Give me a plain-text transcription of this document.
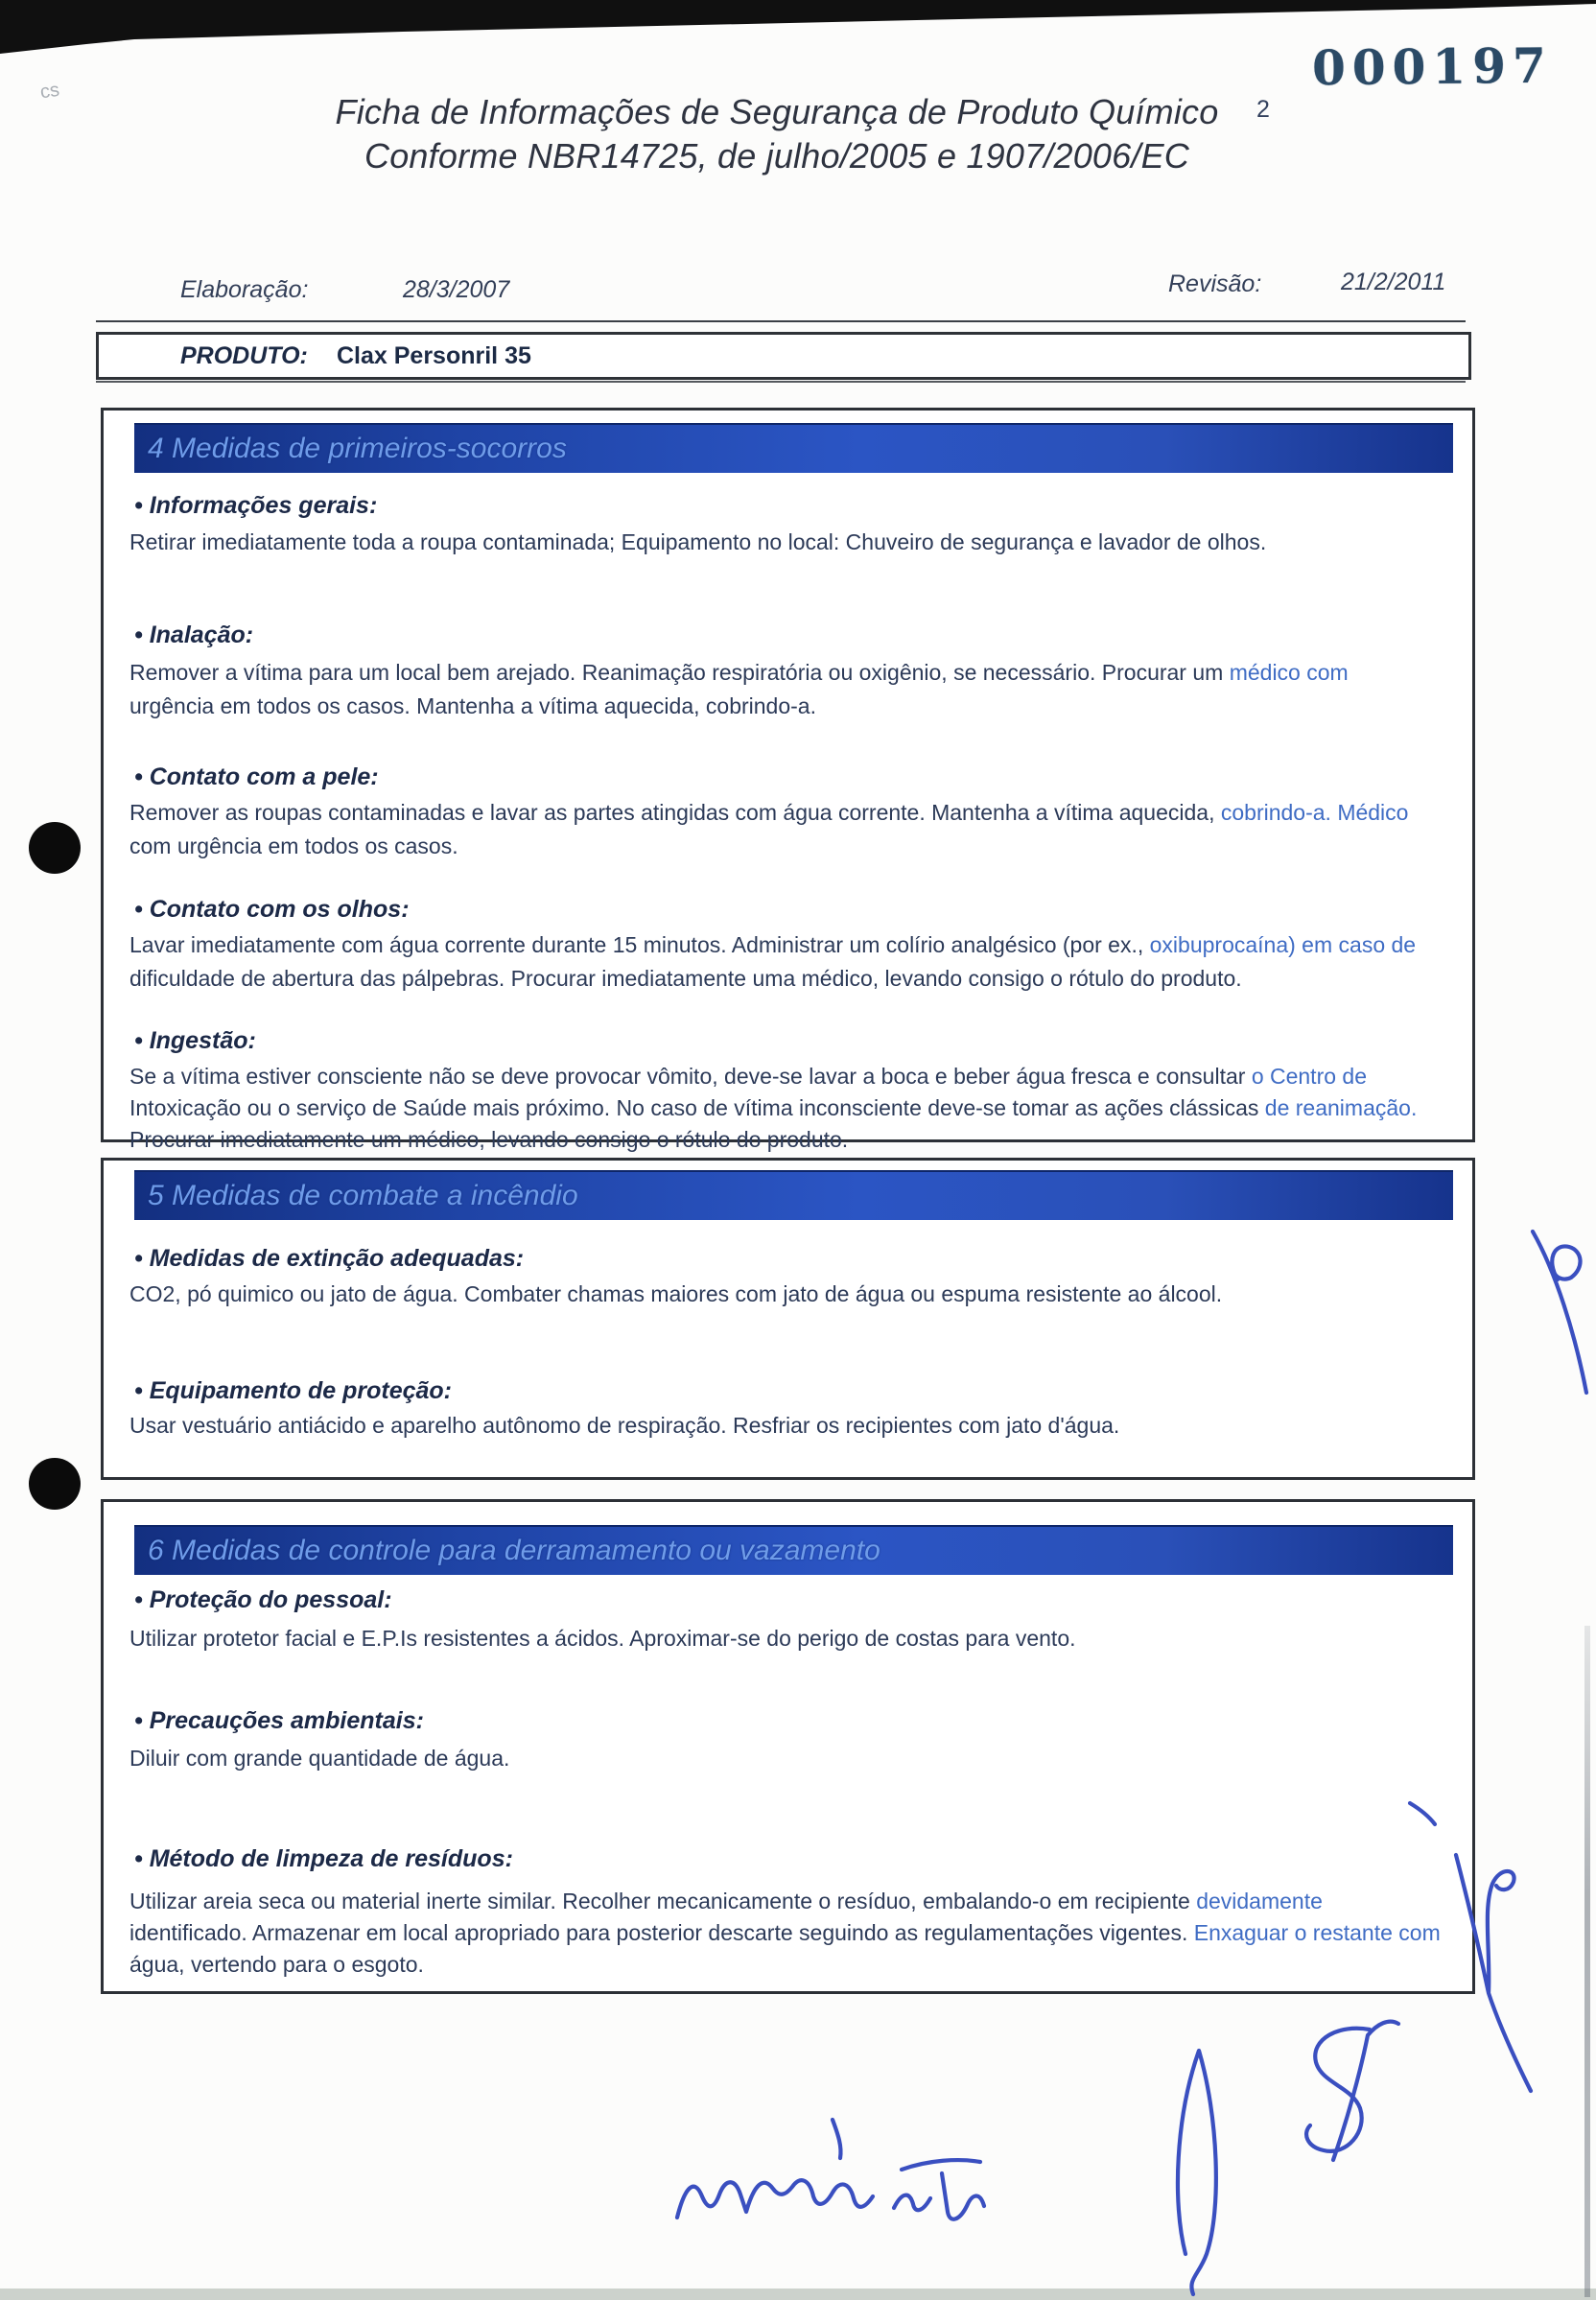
cs	000197
2
Ficha de Informações de Segurança de Produto Químico
Conforme NBR14725, de julho/2005 e 1907/2006/EC
Elaboração:	28/3/2007	Revisão:	21/2/2011
PRODUTO: Clax Personril 35
4 Medidas de primeiros-socorros
• Informações gerais:
Retirar imediatamente toda a roupa contaminada; Equipamento no local: Chuveiro de segurança e lavador de olhos.
• Inalação:
Remover a vítima para um local bem arejado. Reanimação respiratória ou oxigênio, se necessário. Procurar um médico com
urgência em todos os casos. Mantenha a vítima aquecida, cobrindo-a.
• Contato com a pele:
Remover as roupas contaminadas e lavar as partes atingidas com água corrente. Mantenha a vítima aquecida, cobrindo-a. Médico
com urgência em todos os casos.
• Contato com os olhos:
Lavar imediatamente com água corrente durante 15 minutos. Administrar um colírio analgésico (por ex., oxibuprocaína) em caso de
dificuldade de abertura das pálpebras. Procurar imediatamente uma médico, levando consigo o rótulo do produto.
• Ingestão:
Se a vítima estiver consciente não se deve provocar vômito, deve-se lavar a boca e beber água fresca e consultar o Centro de
Intoxicação ou o serviço de Saúde mais próximo. No caso de vítima inconsciente deve-se tomar as ações clássicas de reanimação.
Procurar imediatamente um médico, levando consigo o rótulo do produto.
5 Medidas de combate a incêndio
• Medidas de extinção adequadas:
CO2, pó quimico ou jato de água. Combater chamas maiores com jato de água ou espuma resistente ao álcool.
• Equipamento de proteção:
Usar vestuário antiácido e aparelho autônomo de respiração. Resfriar os recipientes com jato d'água.
6 Medidas de controle para derramamento ou vazamento
• Proteção do pessoal:
Utilizar protetor facial e E.P.Is resistentes a ácidos. Aproximar-se do perigo de costas para vento.
• Precauções ambientais:
Diluir com grande quantidade de água.
• Método de limpeza de resíduos:
Utilizar areia seca ou material inerte similar. Recolher mecanicamente o resíduo, embalando-o em recipiente devidamente
identificado. Armazenar em local apropriado para posterior descarte seguindo as regulamentações vigentes. Enxaguar o restante com
água, vertendo para o esgoto.
